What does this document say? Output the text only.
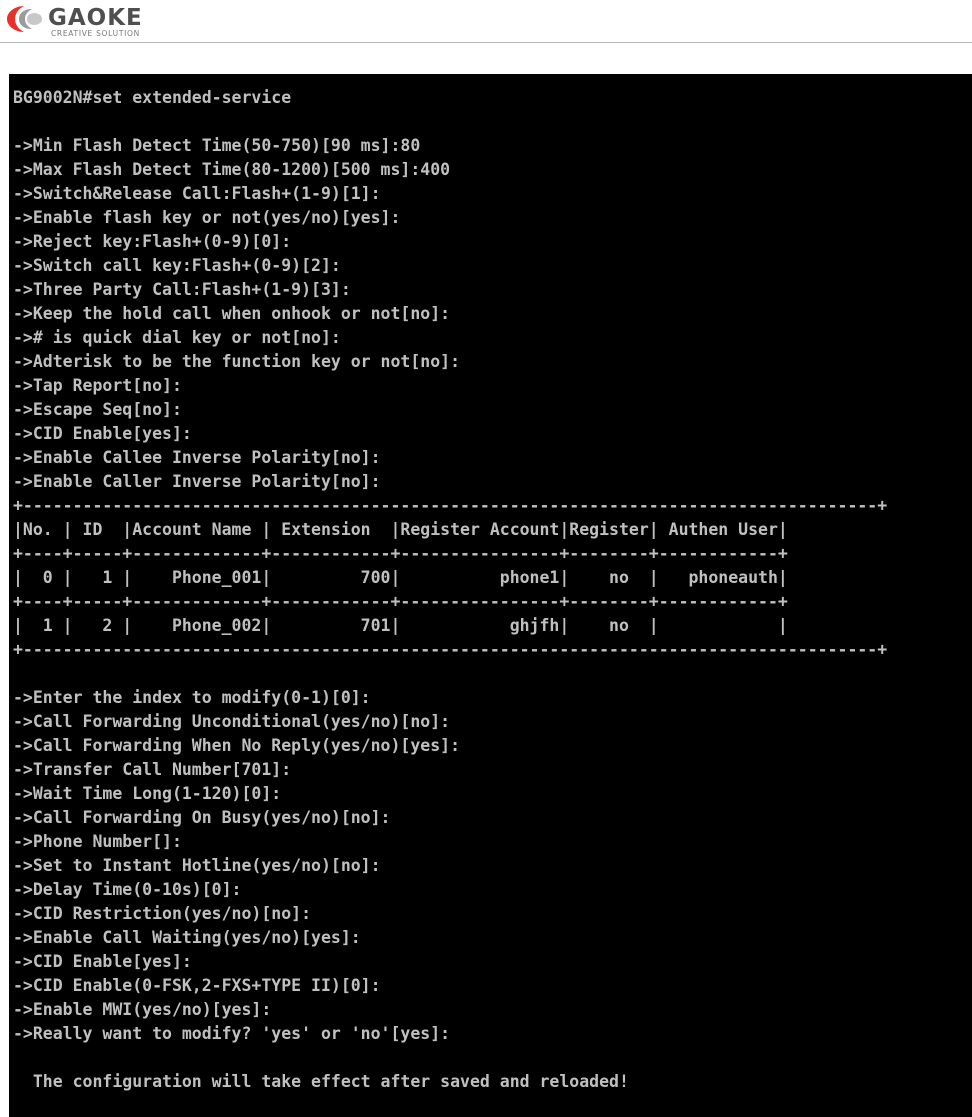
GAOKE
CREATIVE SOLUTION
BG9002N#set extended-service
->Min Flash Detect Time(50-750)[90 ms]:80
->Max Flash Detect Time(80-1200)[500 ms]:400
->Switch&Release Call:Flash+(1-9)[1]:
->Enable flash key or not(yes/no)[yes]:
->Reject key:Flash+(0-9)[0]:
->Switch call key:Flash+(0-9)[2]:
->Three Party Call:Flash+(1-9)[3]:
->Keep the hold call when onhook or not[no]:
-># is quick dial key or not[no]:
->Adterisk to be the function key or not[no]:
->Tap Report[no]:
->Escape Seq[no]:
->CID Enable[yes]:
->Enable Callee Inverse Polarity[no]:
->Enable Caller Inverse Polarity[no]:
+--------------------------------------------------------------------------------------+
|No. | ID  |Account Name | Extension  |Register Account|Register| Authen User|
+----+-----+-------------+------------+----------------+--------+------------+
|  0 |   1 |    Phone_001|         700|          phone1|    no  |   phoneauth|
+----+-----+-------------+------------+----------------+--------+------------+
|  1 |   2 |    Phone_002|         701|           ghjfh|    no  |            |
+--------------------------------------------------------------------------------------+
->Enter the index to modify(0-1)[0]:
->Call Forwarding Unconditional(yes/no)[no]:
->Call Forwarding When No Reply(yes/no)[yes]:
->Transfer Call Number[701]:
->Wait Time Long(1-120)[0]:
->Call Forwarding On Busy(yes/no)[no]:
->Phone Number[]:
->Set to Instant Hotline(yes/no)[no]:
->Delay Time(0-10s)[0]:
->CID Restriction(yes/no)[no]:
->Enable Call Waiting(yes/no)[yes]:
->CID Enable[yes]:
->CID Enable(0-FSK,2-FXS+TYPE II)[0]:
->Enable MWI(yes/no)[yes]:
->Really want to modify? 'yes' or 'no'[yes]:
The configuration will take effect after saved and reloaded!
